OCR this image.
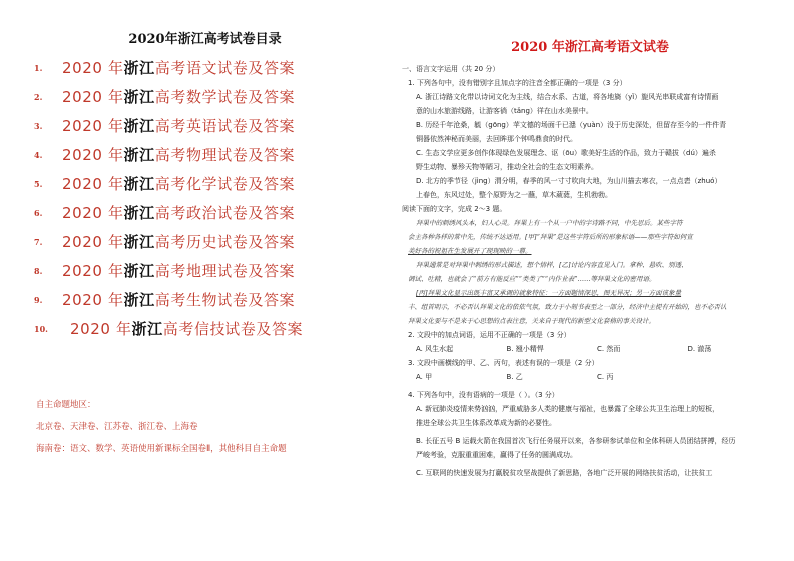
2020年浙江高考试卷目录
1. 2020 年浙江高考语文试卷及答案
2. 2020 年浙江高考数学试卷及答案
3. 2020 年浙江高考英语试卷及答案
4. 2020 年浙江高考物理试卷及答案
5. 2020 年浙江高考化学试卷及答案
6. 2020 年浙江高考政治试卷及答案
7. 2020 年浙江高考历史试卷及答案
8. 2020 年浙江高考地理试卷及答案
9. 2020 年浙江高考生物试卷及答案
10. 2020 年浙江高考信技试卷及答案
自主命题地区：
北京卷、天津卷、江苏卷、浙江卷、上海卷
海南卷：语文、数学、英语使用新课标全国卷Ⅱ，其他科目自主命题
2020 年浙江高考语文试卷
一、语言文字运用（共 20 分）
1. 下列各句中，没有错别字且加点字的注音全都正确的一项是（3 分）
A. 浙江诗路文化带以诗词文化为主线，结合水系、古道，将各地旖（yǐ）旎风光串联成富有诗情画
意的山水旅游线路，让游客徜（tǎng）徉在山水美景中。
B. 历经千年沧桑，毓（gōng）苹文德的场面千已漶（yuàn）没于历史深处，但留存至今的一件件青
铜器依然神秘而美丽，去回眸那个钟鸣鼎食的时代。
C. 生态文学应更多创作体现绿色发展理念、讴（ōu）歌美好生活的作品，致力于赣拔（dú）遍杀
野生动物、暴殄天物等陋习，推动全社会的生态文明素养。
D. 北方的季节径（jìng）渭分明，春季的风一寸寸吹向大地，为山川描去寒衣，一点点砉（zhuó）
上春色，东风过处，整个原野为之一蘸，草木葳蕤，生机勃勃。
阅读下面的文字，完成 2～3 题。
拜果中的刺绣风头本，妇人心灵。拜果上有一个从一户中的字诗路不同，中先思后。某些字符
会主各种各样的常中先，传统不达适用。[甲]“拜果”是这些字符后所的形象标语——那些字符如何宣
美好各的祝祖在生发展开了现现映的一幕。
拜果通常是对拜果中刺绣的形式描述，想个情样，[乙]讨论内容直见入门。拿种、悬吹、别透、
调试、吐精，也就会了“前方有能反应”“类类了”“内作业表”……等拜果文化的密用语。
[丙]拜果文化显示出既丰富又承调的就象特征：一方面题情深思，图无异况；另一方面该象量
丰、组首明示，不必否认拜果文化的依依气氛，致力于小刻书表至之一部分，经济中主提有开始的，也不必否认
拜果文化要与不是来于心思想的点表注意，关来自于现代的新型文化套格的事关设计。
2. 文段中的加点词语，运用不正确的一项是（3 分）
A. 风生水起	B. 翘小精悍	C. 然而	D. 澈荡
3. 文段中画横线的甲、乙、丙句，表述有误的一项是（2 分）
A. 甲	B. 乙	C. 丙
4. 下列各句中，没有语病的一项是（ ）。（3 分）
A. 新冠肺炎疫情来势汹汹，严重威胁多人类的健康与福祉，也暴露了全球公共卫生治理上的短板，
推进全球公共卫生体系改革成为新的必要性。
B. 长征五号 B 运载火箭在我国首次飞行任务展开以来，各参研参试单位和全体科研人员团结拼搏，经历
严峻考验，克服重重困难，赢得了任务的圆满成功。
C. 互联网的快速发展为打赢脱贫攻坚战提供了新思路，各地广泛开展的网络扶贫活动，让扶贫工
